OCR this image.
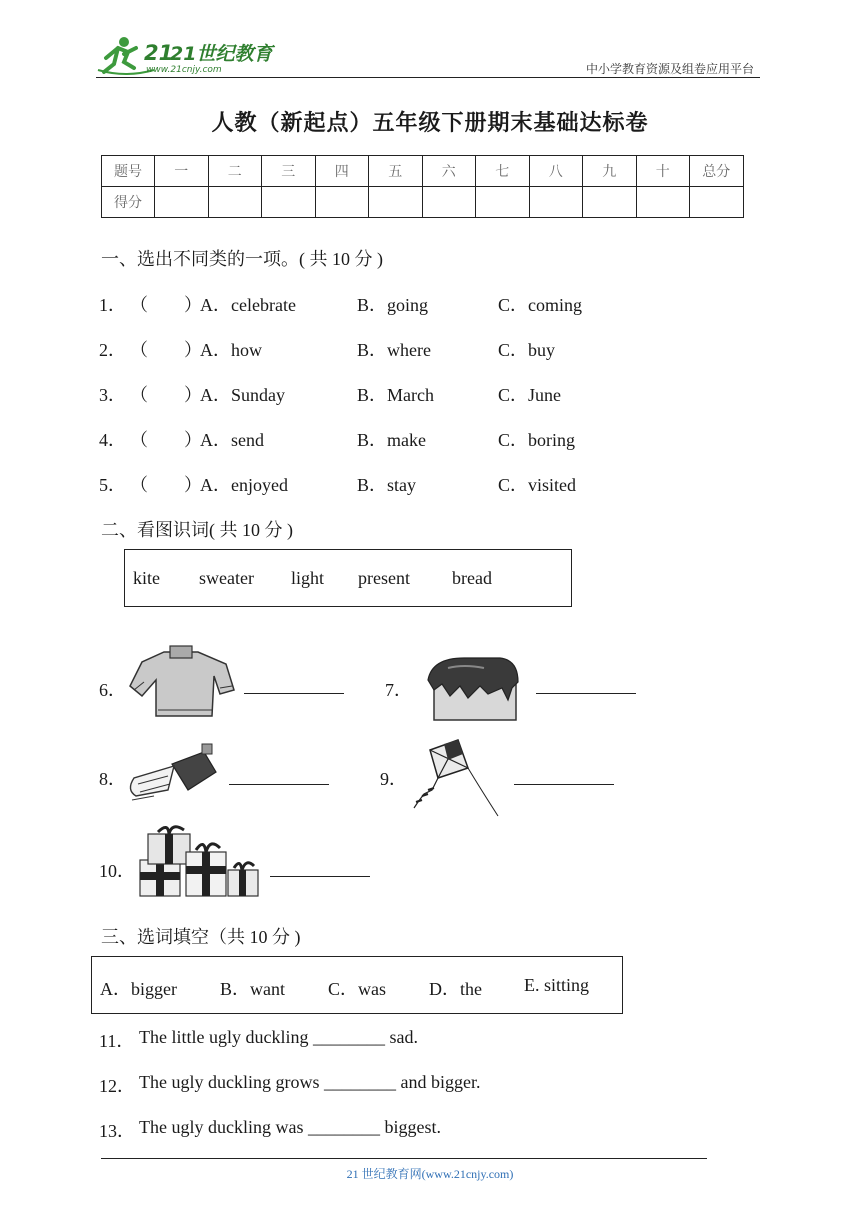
21
21世纪教育
www.21cnjy.com	中小学教育资源及组卷应用平台
人教（新起点）五年级下册期末基础达标卷
题号	一	二	三	四	五	六	七	八	九	十	总分
得分											
一、选出不同类的一项。( 共 10 分 )
1． （　　）
A．celebrate	B．going	C．coming
2． （　　）
A．how	B．where	C．buy
3． （　　）
A．Sunday	B．March	C．June
4． （　　）
A．send	B．make	C．boring
5． （　　）
A．enjoyed	B．stay	C．visited
二、看图识词( 共 10 分 )
kite sweater light present bread
6．	7．
8．	9．
10．
三、选词填空（共 10 分 )
A．bigger B．want C．was D．the E. sitting
11． The little ugly duckling ________ sad.
12． The ugly duckling grows ________ and bigger.
13． The ugly duckling was ________ biggest.
21 世纪教育网(www.21cnjy.com)
